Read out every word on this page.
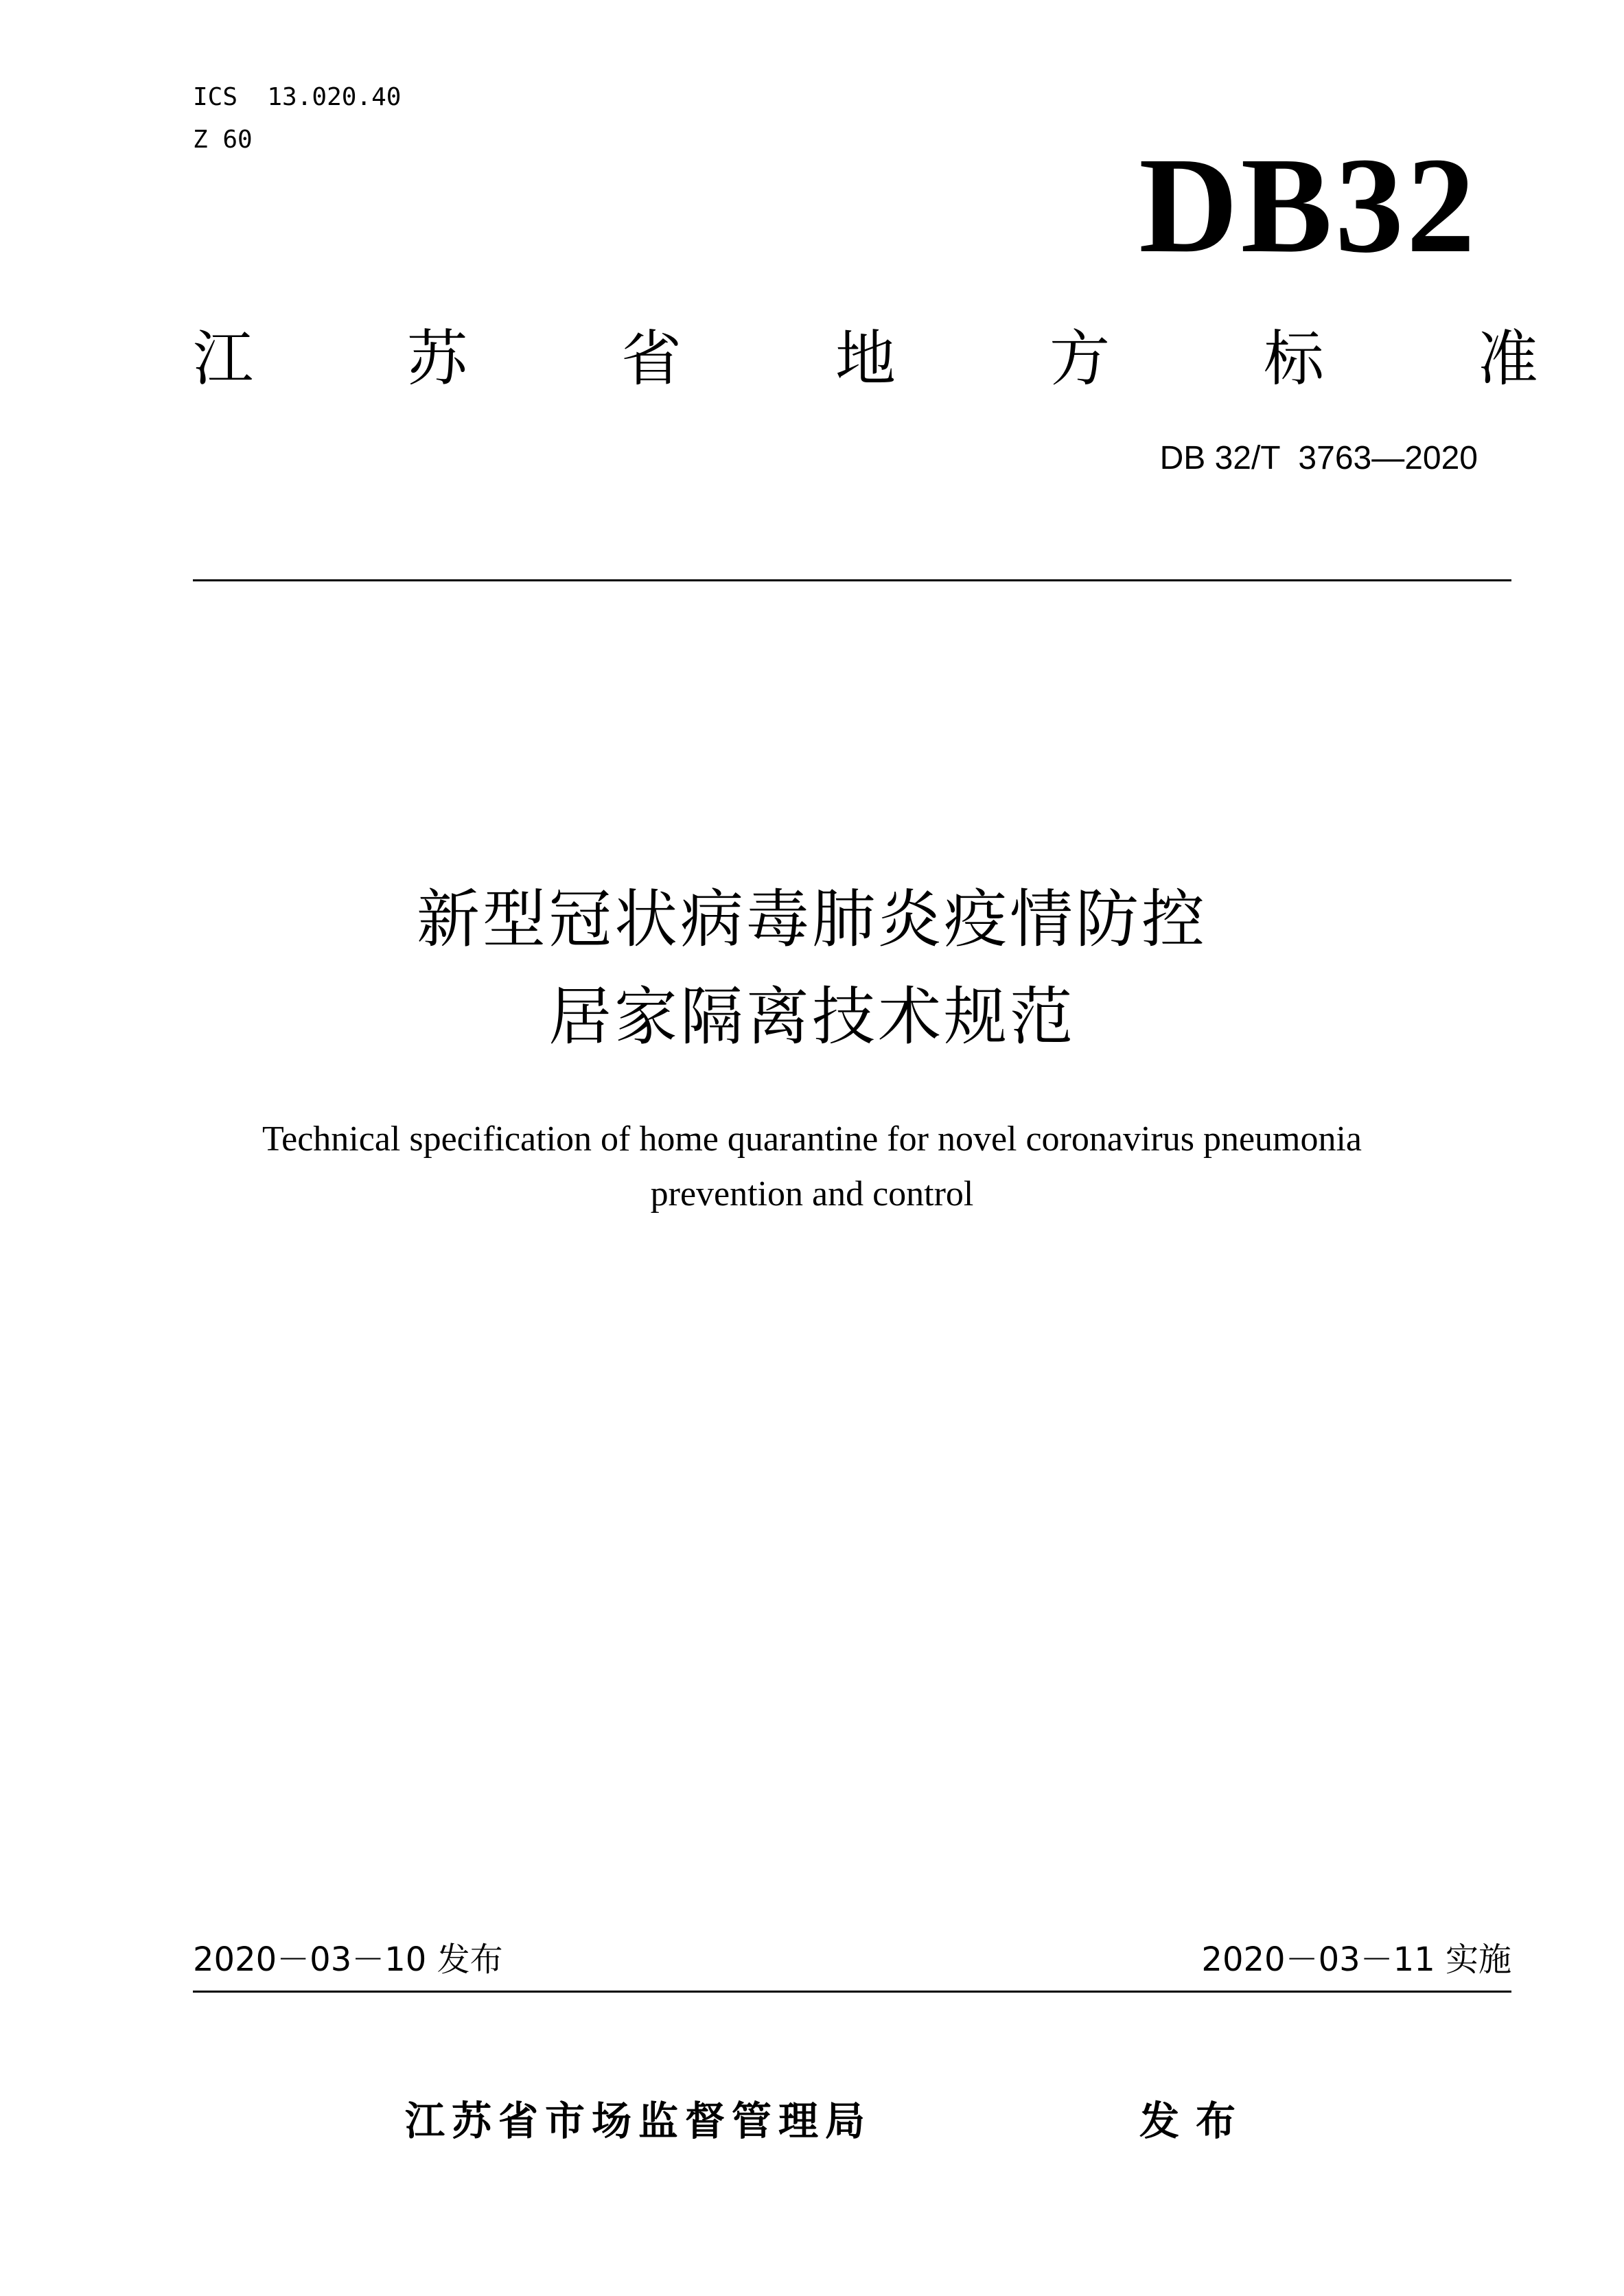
ICS  13.020.40
Z 60	DB32
江	苏	省	地	方	标	准
DB 32/T  3763—2020
新型冠状病毒肺炎疫情防控
居家隔离技术规范
Technical specification of home quarantine for novel coronavirus pneumonia
prevention and control
2020－03－10 发布	2020－03－11 实施
江苏省市场监督管理局	发布
